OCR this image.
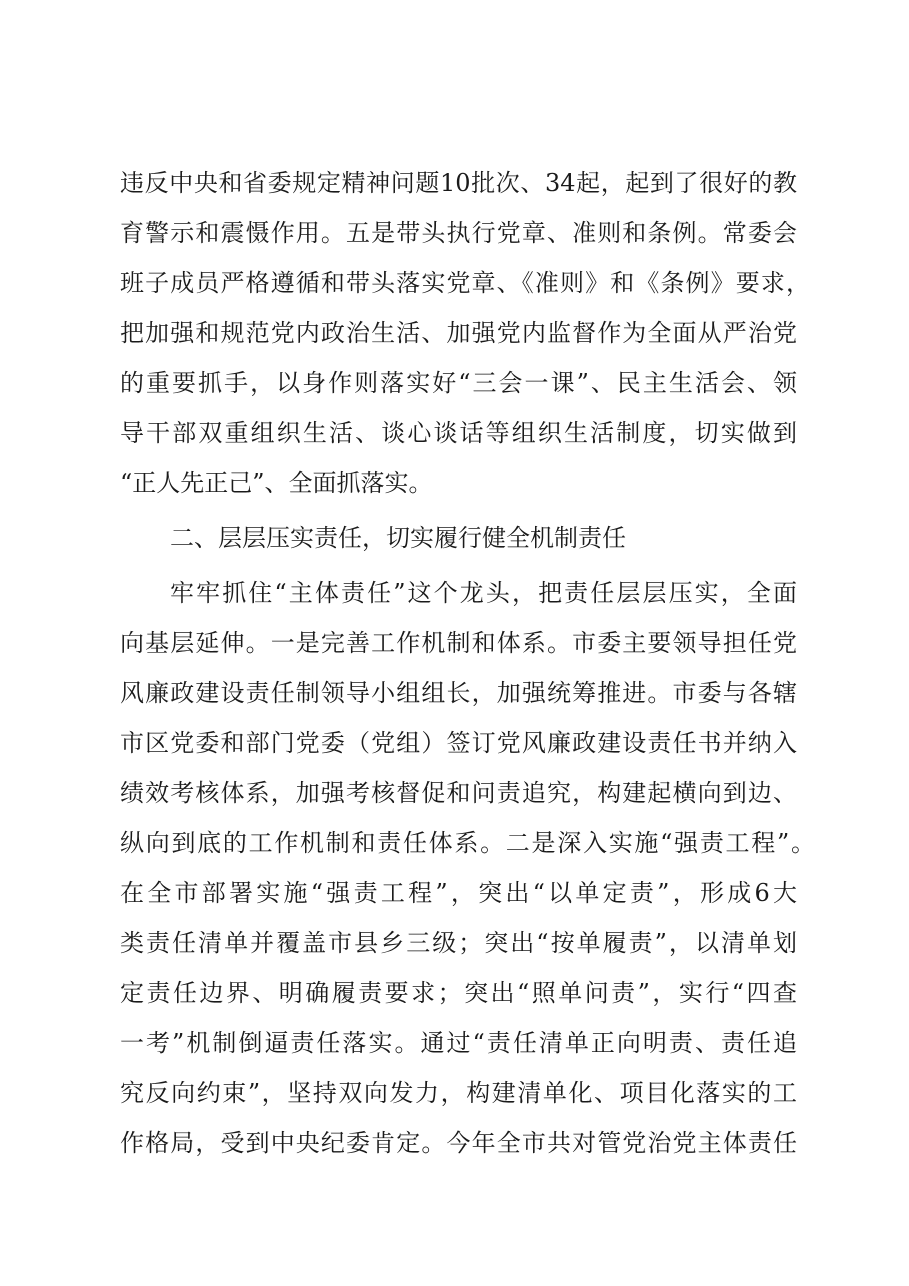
违反中央和省委规定精神问题10批次、34起，起到了很好的教
育警示和震慑作用。五是带头执行党章、准则和条例。常委会
班子成员严格遵循和带头落实党章、《准则》和《条例》要求，
把加强和规范党内政治生活、加强党内监督作为全面从严治党
的重要抓手，以身作则落实好“三会一课”、民主生活会、领
导干部双重组织生活、谈心谈话等组织生活制度，切实做到
“正人先正己”、全面抓落实。
二、层层压实责任，切实履行健全机制责任
牢牢抓住“主体责任”这个龙头，把责任层层压实，全面
向基层延伸。一是完善工作机制和体系。市委主要领导担任党
风廉政建设责任制领导小组组长，加强统筹推进。市委与各辖
市区党委和部门党委（党组）签订党风廉政建设责任书并纳入
绩效考核体系，加强考核督促和问责追究，构建起横向到边、
纵向到底的工作机制和责任体系。二是深入实施“强责工程”。
在全市部署实施“强责工程”，突出“以单定责”，形成6大
类责任清单并覆盖市县乡三级；突出“按单履责”，以清单划
定责任边界、明确履责要求；突出“照单问责”，实行“四查
一考”机制倒逼责任落实。通过“责任清单正向明责、责任追
究反向约束”，坚持双向发力，构建清单化、项目化落实的工
作格局，受到中央纪委肯定。今年全市共对管党治党主体责任
